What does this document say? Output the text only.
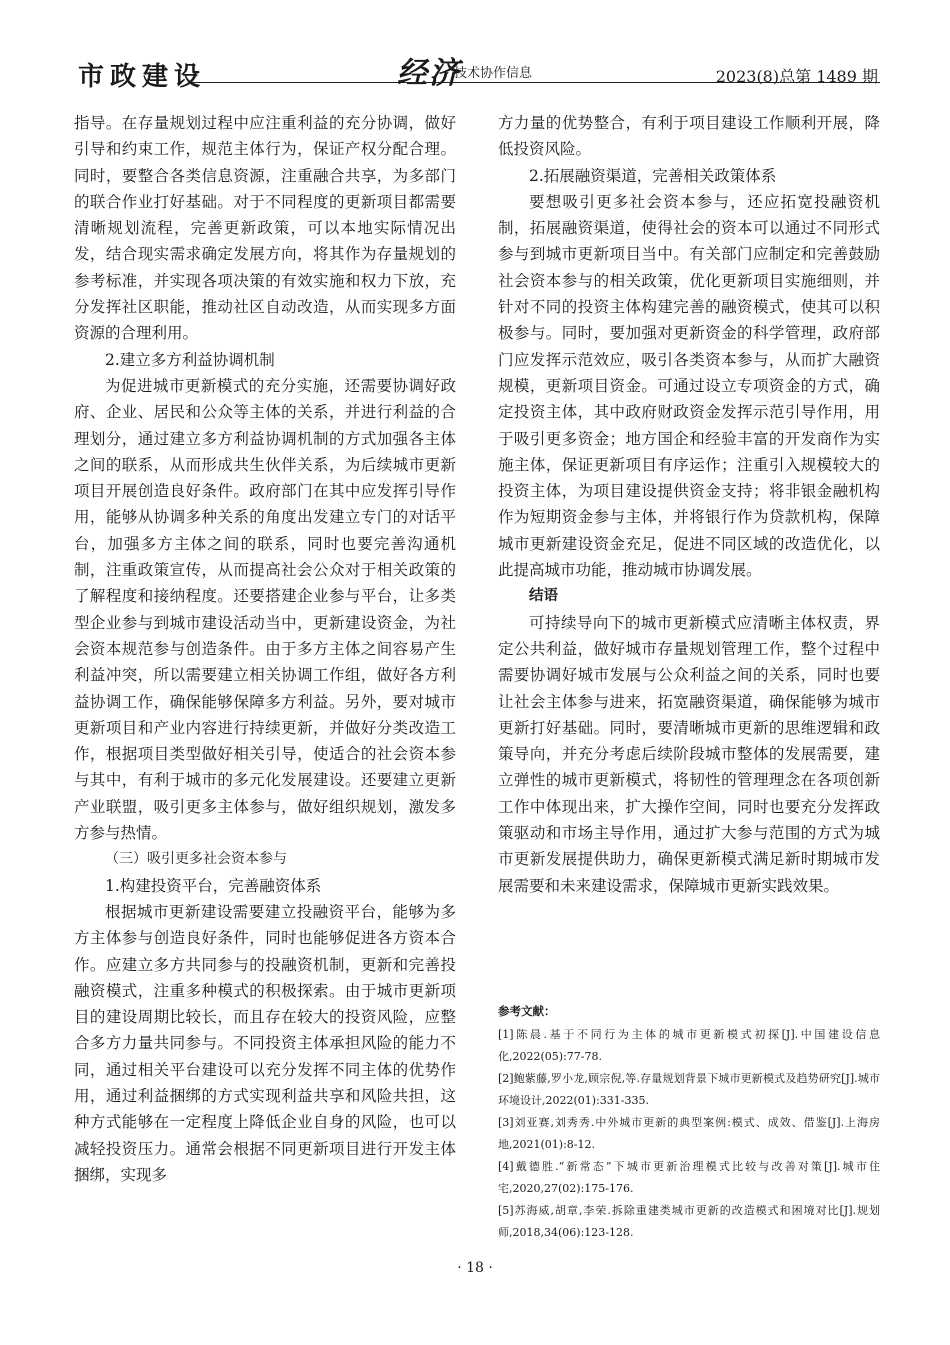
市政建设	经济
技术协作信息	2023(8)总第 1489 期

指导。在存量规划过程中应注重利益的充分协调，做好引导和约束工作，规范主体行为，保证产权分配合理。同时，要整合各类信息资源，注重融合共享，为多部门的联合作业打好基础。对于不同程度的更新项目都需要清晰规划流程，完善更新政策，可以本地实际情况出发，结合现实需求确定发展方向，将其作为存量规划的参考标准，并实现各项决策的有效实施和权力下放，充分发挥社区职能，推动社区自动改造，从而实现多方面资源的合理利用。

2.建立多方利益协调机制

为促进城市更新模式的充分实施，还需要协调好政府、企业、居民和公众等主体的关系，并进行利益的合理划分，通过建立多方利益协调机制的方式加强各主体之间的联系，从而形成共生伙伴关系，为后续城市更新项目开展创造良好条件。政府部门在其中应发挥引导作用，能够从协调多种关系的角度出发建立专门的对话平台，加强多方主体之间的联系，同时也要完善沟通机制，注重政策宣传，从而提高社会公众对于相关政策的了解程度和接纳程度。还要搭建企业参与平台，让多类型企业参与到城市建设活动当中，更新建设资金，为社会资本规范参与创造条件。由于多方主体之间容易产生利益冲突，所以需要建立相关协调工作组，做好各方利益协调工作，确保能够保障多方利益。另外，要对城市更新项目和产业内容进行持续更新，并做好分类改造工作，根据项目类型做好相关引导，使适合的社会资本参与其中，有利于城市的多元化发展建设。还要建立更新产业联盟，吸引更多主体参与，做好组织规划，激发多方参与热情。

（三）吸引更多社会资本参与

1.构建投资平台，完善融资体系

根据城市更新建设需要建立投融资平台，能够为多方主体参与创造良好条件，同时也能够促进各方资本合作。应建立多方共同参与的投融资机制，更新和完善投融资模式，注重多种模式的积极探索。由于城市更新项目的建设周期比较长，而且存在较大的投资风险，应整合多方力量共同参与。不同投资主体承担风险的能力不同，通过相关平台建设可以充分发挥不同主体的优势作用，通过利益捆绑的方式实现利益共享和风险共担，这种方式能够在一定程度上降低企业自身的风险，也可以减轻投资压力。通常会根据不同更新项目进行开发主体捆绑，实现多

方力量的优势整合，有利于项目建设工作顺利开展，降低投资风险。

2.拓展融资渠道，完善相关政策体系

要想吸引更多社会资本参与，还应拓宽投融资机制，拓展融资渠道，使得社会的资本可以通过不同形式参与到城市更新项目当中。有关部门应制定和完善鼓励社会资本参与的相关政策，优化更新项目实施细则，并针对不同的投资主体构建完善的融资模式，使其可以积极参与。同时，要加强对更新资金的科学管理，政府部门应发挥示范效应，吸引各类资本参与，从而扩大融资规模，更新项目资金。可通过设立专项资金的方式，确定投资主体，其中政府财政资金发挥示范引导作用，用于吸引更多资金；地方国企和经验丰富的开发商作为实施主体，保证更新项目有序运作；注重引入规模较大的投资主体，为项目建设提供资金支持；将非银金融机构作为短期资金参与主体，并将银行作为贷款机构，保障城市更新建设资金充足，促进不同区域的改造优化，以此提高城市功能，推动城市协调发展。

结语

可持续导向下的城市更新模式应清晰主体权责，界定公共利益，做好城市存量规划管理工作，整个过程中需要协调好城市发展与公众利益之间的关系，同时也要让社会主体参与进来，拓宽融资渠道，确保能够为城市更新打好基础。同时，要清晰城市更新的思维逻辑和政策导向，并充分考虑后续阶段城市整体的发展需要，建立弹性的城市更新模式，将韧性的管理理念在各项创新工作中体现出来，扩大操作空间，同时也要充分发挥政策驱动和市场主导作用，通过扩大参与范围的方式为城市更新发展提供助力，确保更新模式满足新时期城市发展需要和未来建设需求，保障城市更新实践效果。

参考文献：

[1]陈晨.基于不同行为主体的城市更新模式初探[J].中国建设信息化,2022(05):77-78.

[2]鲍紫藤,罗小龙,顾宗倪,等.存量规划背景下城市更新模式及趋势研究[J].城市环境设计,2022(01):331-335.

[3]刘亚赛,刘秀秀.中外城市更新的典型案例:模式、成效、借鉴[J].上海房地,2021(01):8-12.

[4]戴德胜.“新常态”下城市更新治理模式比较与改善对策[J].城市住宅,2020,27(02):175-176.

[5]苏海威,胡章,李荣.拆除重建类城市更新的改造模式和困境对比[J].规划师,2018,34(06):123-128.

· 18 ·
